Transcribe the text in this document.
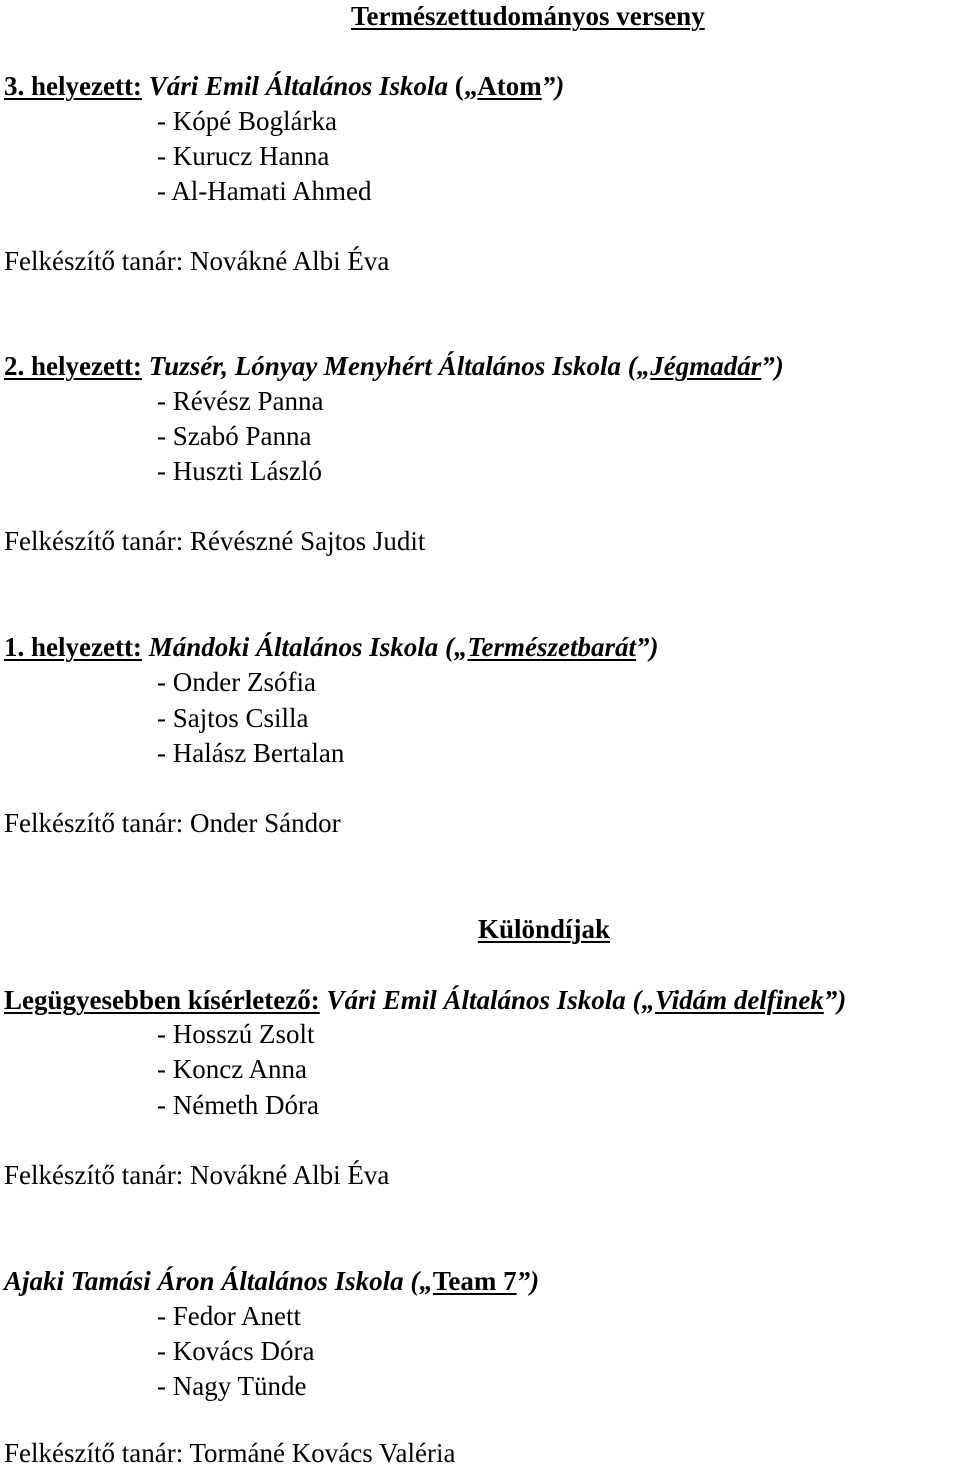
Természettudományos verseny
3. helyezett: Vári Emil Általános Iskola („Atom”)
- Kópé Boglárka
- Kurucz Hanna
- Al-Hamati Ahmed
Felkészítő tanár: Novákné Albi Éva
2. helyezett: Tuzsér, Lónyay Menyhért Általános Iskola („Jégmadár”)
- Révész Panna
- Szabó Panna
- Huszti László
Felkészítő tanár: Révészné Sajtos Judit
1. helyezett: Mándoki Általános Iskola („Természetbarát”)
- Onder Zsófia
- Sajtos Csilla
- Halász Bertalan
Felkészítő tanár: Onder Sándor
Különdíjak
Legügyesebben kísérletező: Vári Emil Általános Iskola („Vidám delfinek”)
- Hosszú Zsolt
- Koncz Anna
- Németh Dóra
Felkészítő tanár: Novákné Albi Éva
Ajaki Tamási Áron Általános Iskola („Team 7”)
- Fedor Anett
- Kovács Dóra
- Nagy Tünde
Felkészítő tanár: Tormáné Kovács Valéria
